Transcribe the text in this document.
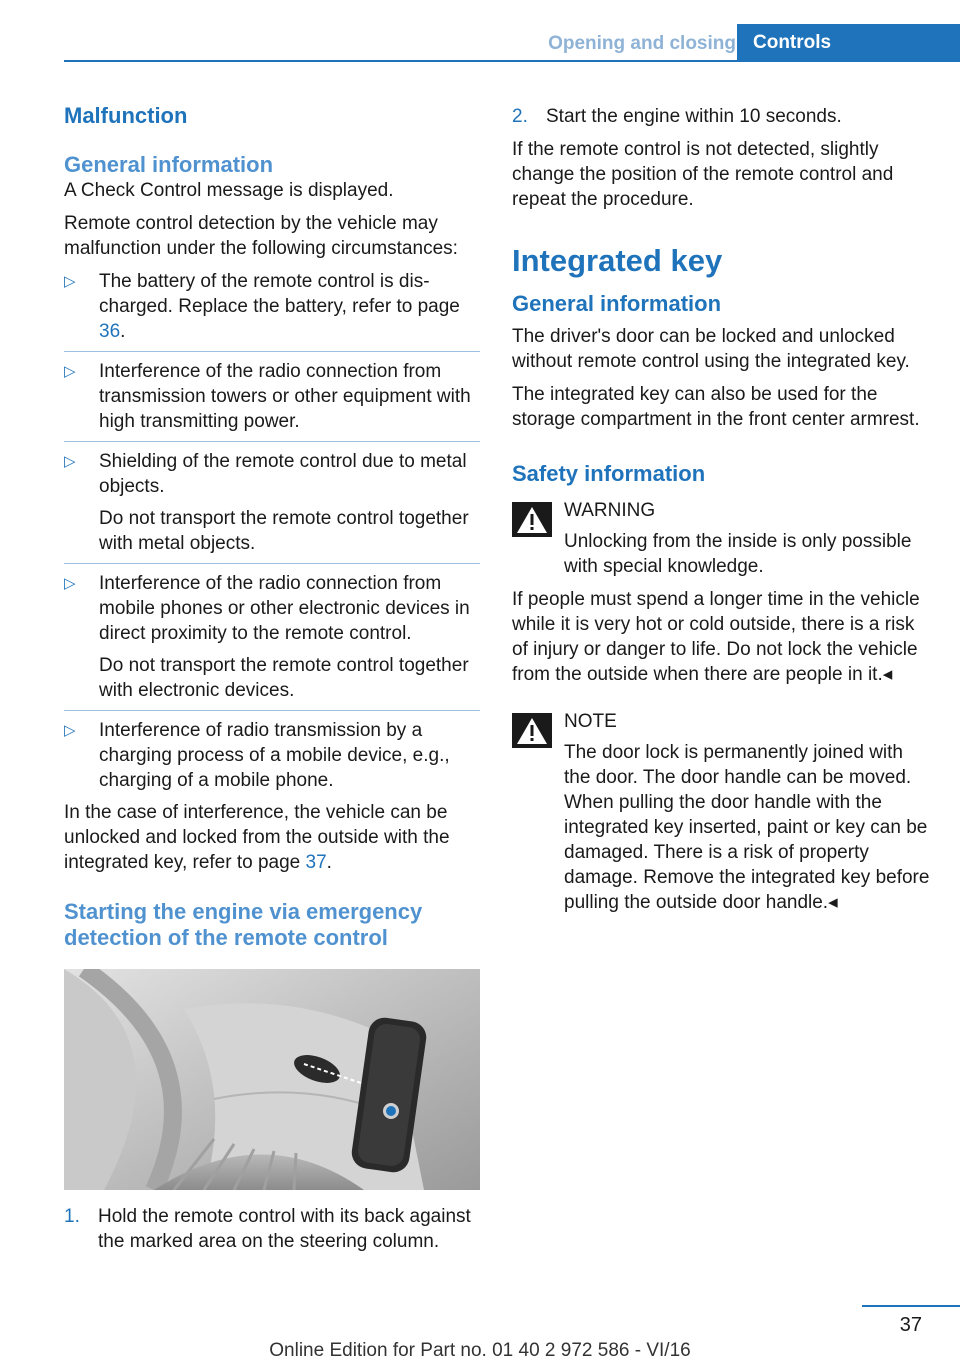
Opening and closing Controls
Malfunction
General information

A Check Control message is displayed.

Remote control detection by the vehicle may malfunction under the following circumstances:

▷ The battery of the remote control is discharged. Replace the battery, refer to page 36.
▷ Interference of the radio connection from transmission towers or other equipment with high transmitting power.
▷ Shielding of the remote control due to metal objects.
Do not transport the remote control together with metal objects.
▷ Interference of the radio connection from mobile phones or other electronic devices in direct proximity to the remote control.
Do not transport the remote control together with electronic devices.
▷ Interference of radio transmission by a charging process of a mobile device, e.g., charging of a mobile phone.

In the case of interference, the vehicle can be unlocked and locked from the outside with the integrated key, refer to page 37.

Starting the engine via emergency detection of the remote control
1. Hold the remote control with its back against the marked area on the steering column.
2. Start the engine within 10 seconds.

If the remote control is not detected, slightly change the position of the remote control and repeat the procedure.

Integrated key
General information

The driver's door can be locked and unlocked without remote control using the integrated key.

The integrated key can also be used for the storage compartment in the front center armrest.

Safety information
WARNING
Unlocking from the inside is only possible with special knowledge.

If people must spend a longer time in the vehicle while it is very hot or cold outside, there is a risk of injury or danger to life. Do not lock the vehicle from the outside when there are people in it.◂

NOTE
The door lock is permanently joined with the door. The door handle can be moved. When pulling the door handle with the integrated key inserted, paint or key can be damaged. There is a risk of property damage. Remove the integrated key before pulling the outside door handle.◂
37
Online Edition for Part no. 01 40 2 972 586 - VI/16
